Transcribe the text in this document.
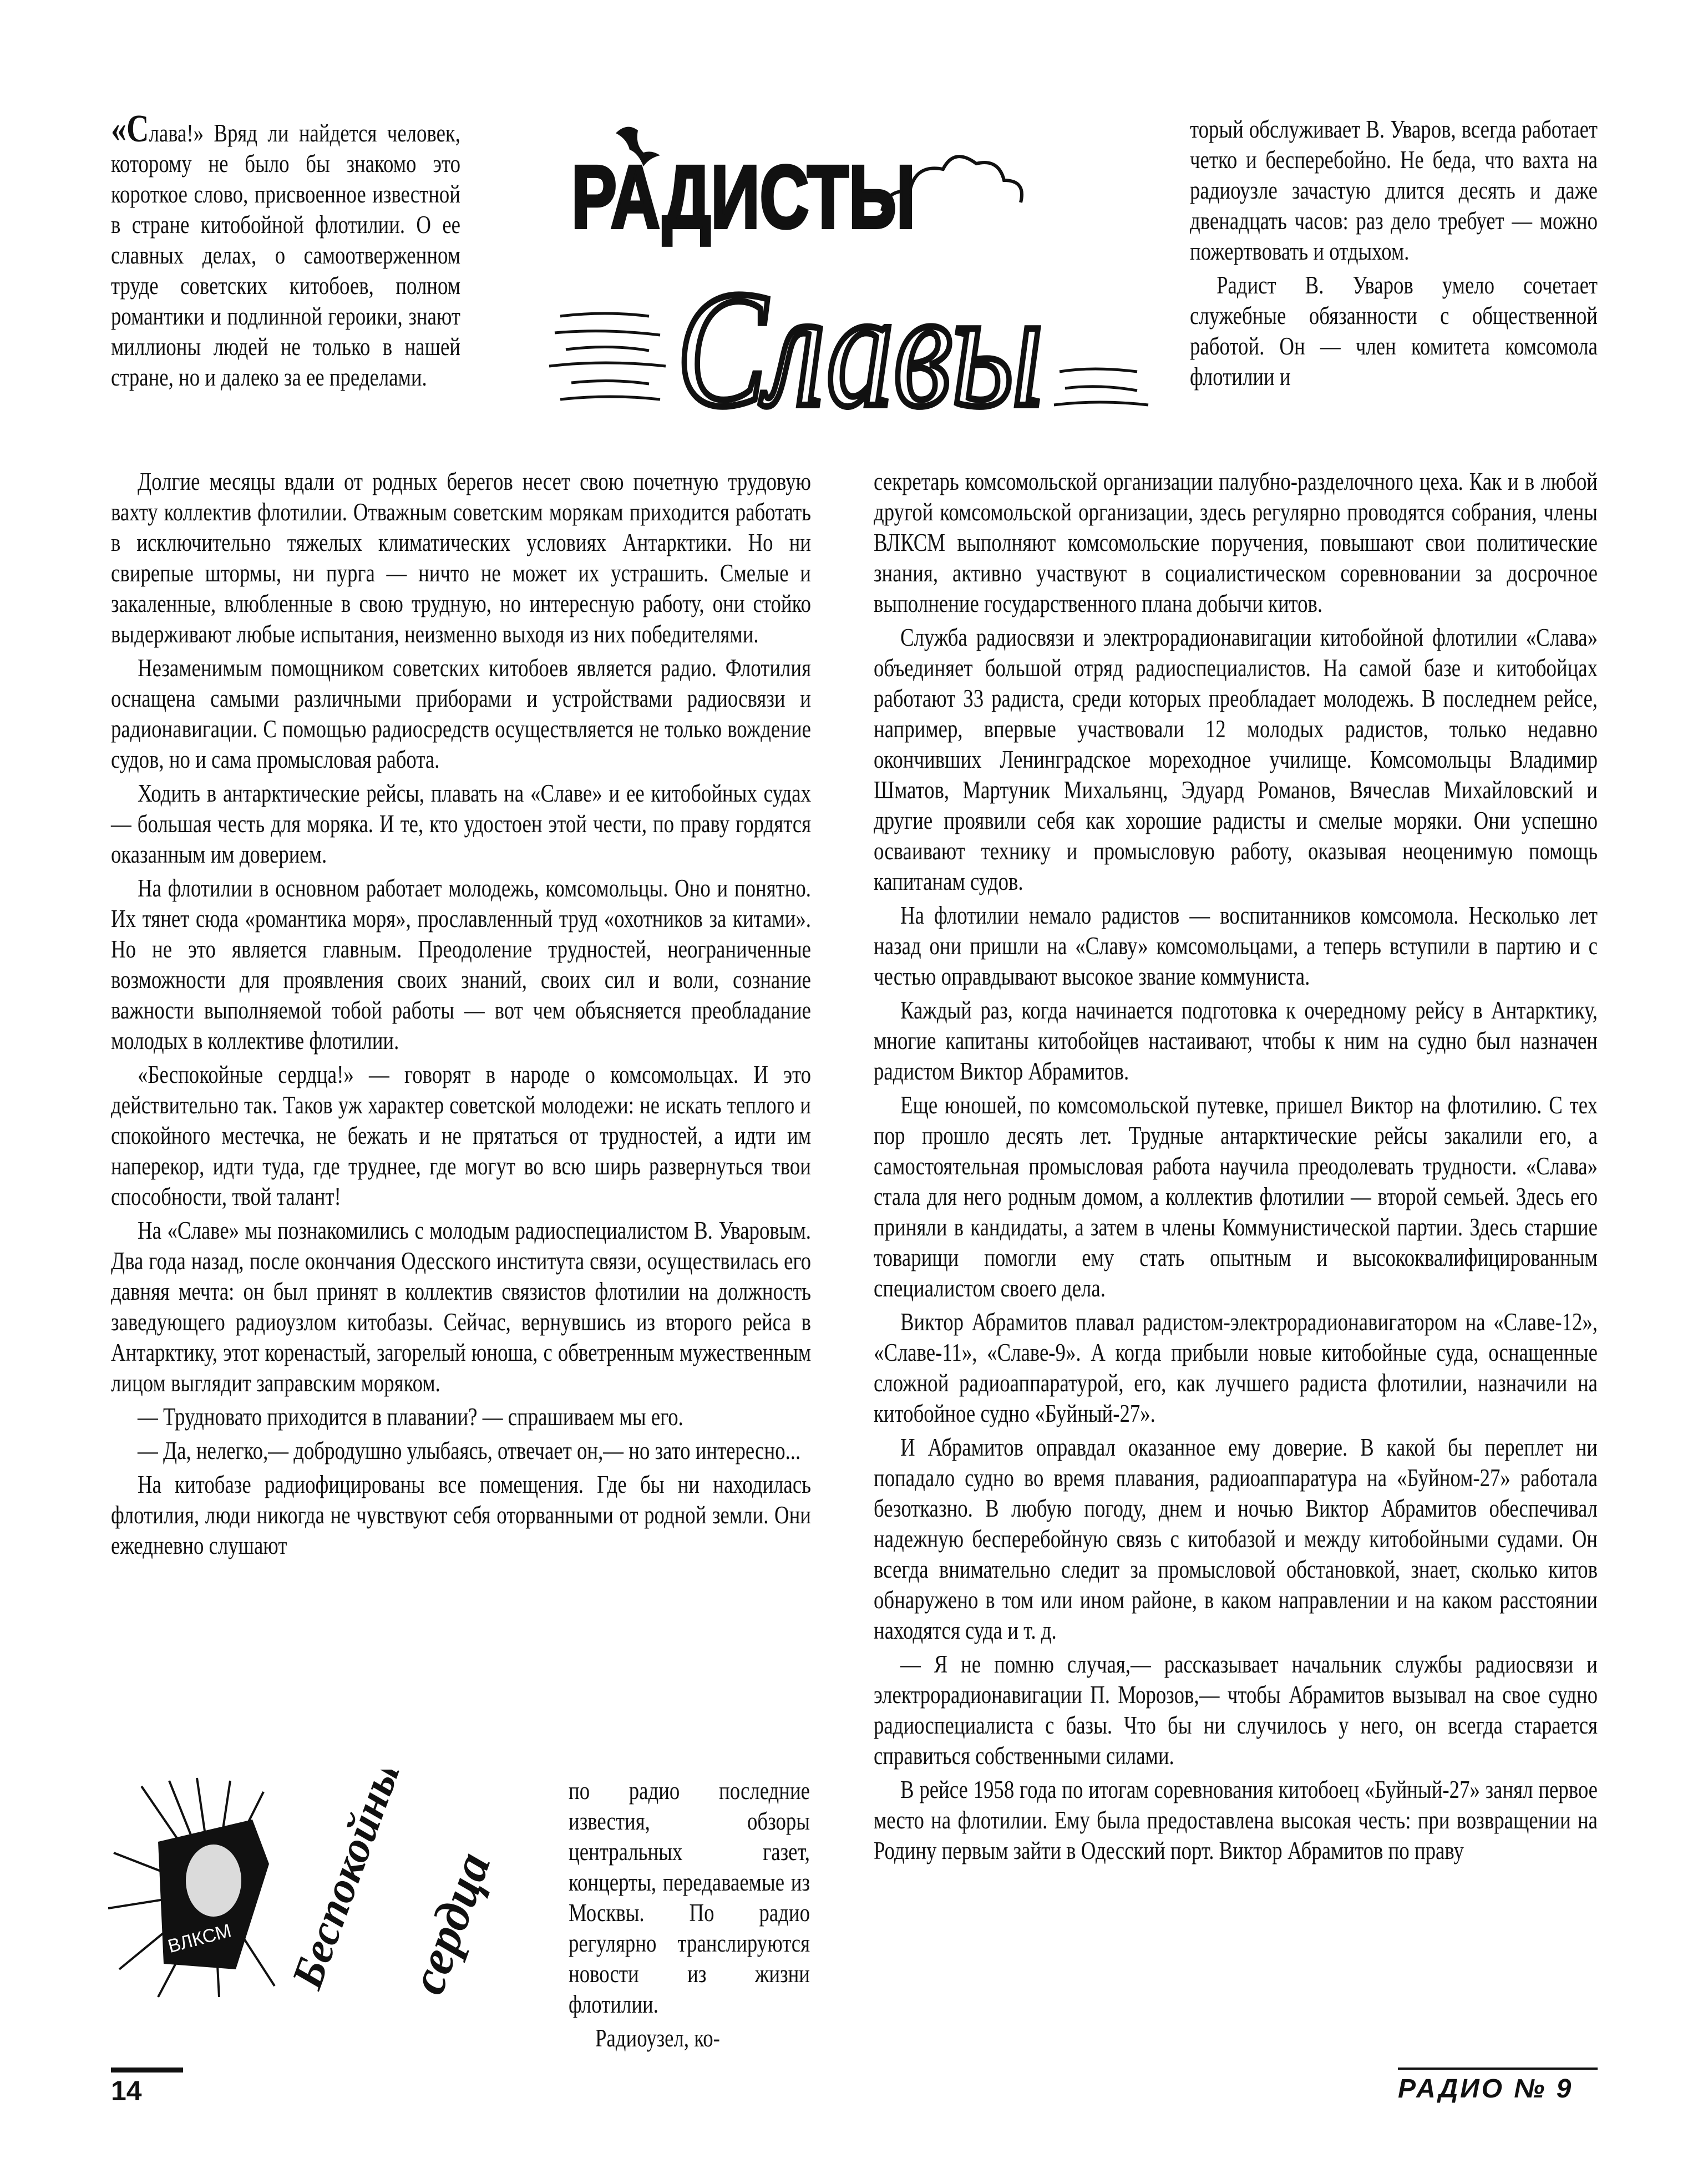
РАДИСТЫ
Славы

«Слава!» Вряд ли найдется человек, которому не было бы знакомо это короткое слово, присвоенное известной в стране китобойной флотилии. О ее славных делах, о самоотверженном труде советских китобоев, полном романтики и подлинной героики, знают миллионы людей не только в нашей стране, но и далеко за ее пределами.

торый обслуживает В. Уваров, всегда работает четко и бесперебойно. Не беда, что вахта на радиоузле зачастую длится десять и даже двенадцать часов: раз дело требует — можно пожертвовать и отдыхом.

Радист В. Уваров умело сочетает служебные обязанности с общественной работой. Он — член комитета комсомола флотилии и

Долгие месяцы вдали от родных берегов несет свою почетную трудовую вахту коллектив флотилии. Отважным советским морякам приходится работать в исключительно тяжелых климатических условиях Антарктики. Но ни свирепые штормы, ни пурга — ничто не может их устрашить. Смелые и закаленные, влюбленные в свою трудную, но интересную работу, они стойко выдерживают любые испытания, неизменно выходя из них победителями.

Незаменимым помощником советских китобоев является радио. Флотилия оснащена самыми различными приборами и устройствами радиосвязи и радионавигации. С помощью радиосредств осуществляется не только вождение судов, но и сама промысловая работа.

Ходить в антарктические рейсы, плавать на «Славе» и ее китобойных судах — большая честь для моряка. И те, кто удостоен этой чести, по праву гордятся оказанным им доверием.

На флотилии в основном работает молодежь, комсомольцы. Оно и понятно. Их тянет сюда «романтика моря», прославленный труд «охотников за китами». Но не это является главным. Преодоление трудностей, неограниченные возможности для проявления своих знаний, своих сил и воли, сознание важности выполняемой тобой работы — вот чем объясняется преобладание молодых в коллективе флотилии.

«Беспокойные сердца!» — говорят в народе о комсомольцах. И это действительно так. Таков уж характер советской молодежи: не искать теплого и спокойного местечка, не бежать и не прятаться от трудностей, а идти им наперекор, идти туда, где труднее, где могут во всю ширь развернуться твои способности, твой талант!

На «Славе» мы познакомились с молодым радиоспециалистом В. Уваровым. Два года назад, после окончания Одесского института связи, осуществилась его давняя мечта: он был принят в коллектив связистов флотилии на должность заведующего радиоузлом китобазы. Сейчас, вернувшись из второго рейса в Антарктику, этот коренастый, загорелый юноша, с обветренным мужественным лицом выглядит заправским моряком.

— Трудновато приходится в плавании? — спрашиваем мы его.

— Да, нелегко,— добродушно улыбаясь, отвечает он,— но зато интересно...

На китобазе радиофицированы все помещения. Где бы ни находилась флотилия, люди никогда не чувствуют себя оторванными от родной земли. Они ежедневно слушают

ВЛКСМ Беспокойные
сердца

по радио последние известия, обзоры центральных газет, концерты, передаваемые из Москвы. По радио регулярно транслируются новости из жизни флотилии.

Радиоузел, ко-

секретарь комсомольской организации палубно-разделочного цеха. Как и в любой другой комсомольской организации, здесь регулярно проводятся собрания, члены ВЛКСМ выполняют комсомольские поручения, повышают свои политические знания, активно участвуют в социалистическом соревновании за досрочное выполнение государственного плана добычи китов.

Служба радиосвязи и электрорадионавигации китобойной флотилии «Слава» объединяет большой отряд радиоспециалистов. На самой базе и китобойцах работают 33 радиста, среди которых преобладает молодежь. В последнем рейсе, например, впервые участвовали 12 молодых радистов, только недавно окончивших Ленинградское мореходное училище. Комсомольцы Владимир Шматов, Мартуник Михальянц, Эдуард Романов, Вячеслав Михайловский и другие проявили себя как хорошие радисты и смелые моряки. Они успешно осваивают технику и промысловую работу, оказывая неоценимую помощь капитанам судов.

На флотилии немало радистов — воспитанников комсомола. Несколько лет назад они пришли на «Славу» комсомольцами, а теперь вступили в партию и с честью оправдывают высокое звание коммуниста.

Каждый раз, когда начинается подготовка к очередному рейсу в Антарктику, многие капитаны китобойцев настаивают, чтобы к ним на судно был назначен радистом Виктор Абрамитов.

Еще юношей, по комсомольской путевке, пришел Виктор на флотилию. С тех пор прошло десять лет. Трудные антарктические рейсы закалили его, а самостоятельная промысловая работа научила преодолевать трудности. «Слава» стала для него родным домом, а коллектив флотилии — второй семьей. Здесь его приняли в кандидаты, а затем в члены Коммунистической партии. Здесь старшие товарищи помогли ему стать опытным и высококвалифицированным специалистом своего дела.

Виктор Абрамитов плавал радистом-электрорадионавигатором на «Славе-12», «Славе-11», «Славе-9». А когда прибыли новые китобойные суда, оснащенные сложной радиоаппаратурой, его, как лучшего радиста флотилии, назначили на китобойное судно «Буйный-27».

И Абрамитов оправдал оказанное ему доверие. В какой бы переплет ни попадало судно во время плавания, радиоаппаратура на «Буйном-27» работала безотказно. В любую погоду, днем и ночью Виктор Абрамитов обеспечивал надежную бесперебойную связь с китобазой и между китобойными судами. Он всегда внимательно следит за промысловой обстановкой, знает, сколько китов обнаружено в том или ином районе, в каком направлении и на каком расстоянии находятся суда и т. д.

— Я не помню случая,— рассказывает начальник службы радиосвязи и электрорадионавигации П. Морозов,— чтобы Абрамитов вызывал на свое судно радиоспециалиста с базы. Что бы ни случилось у него, он всегда старается справиться собственными силами.

В рейсе 1958 года по итогам соревнования китобоец «Буйный-27» занял первое место на флотилии. Ему была предоставлена высокая честь: при возвращении на Родину первым зайти в Одесский порт. Виктор Абрамитов по праву

14	РАДИО № 9
